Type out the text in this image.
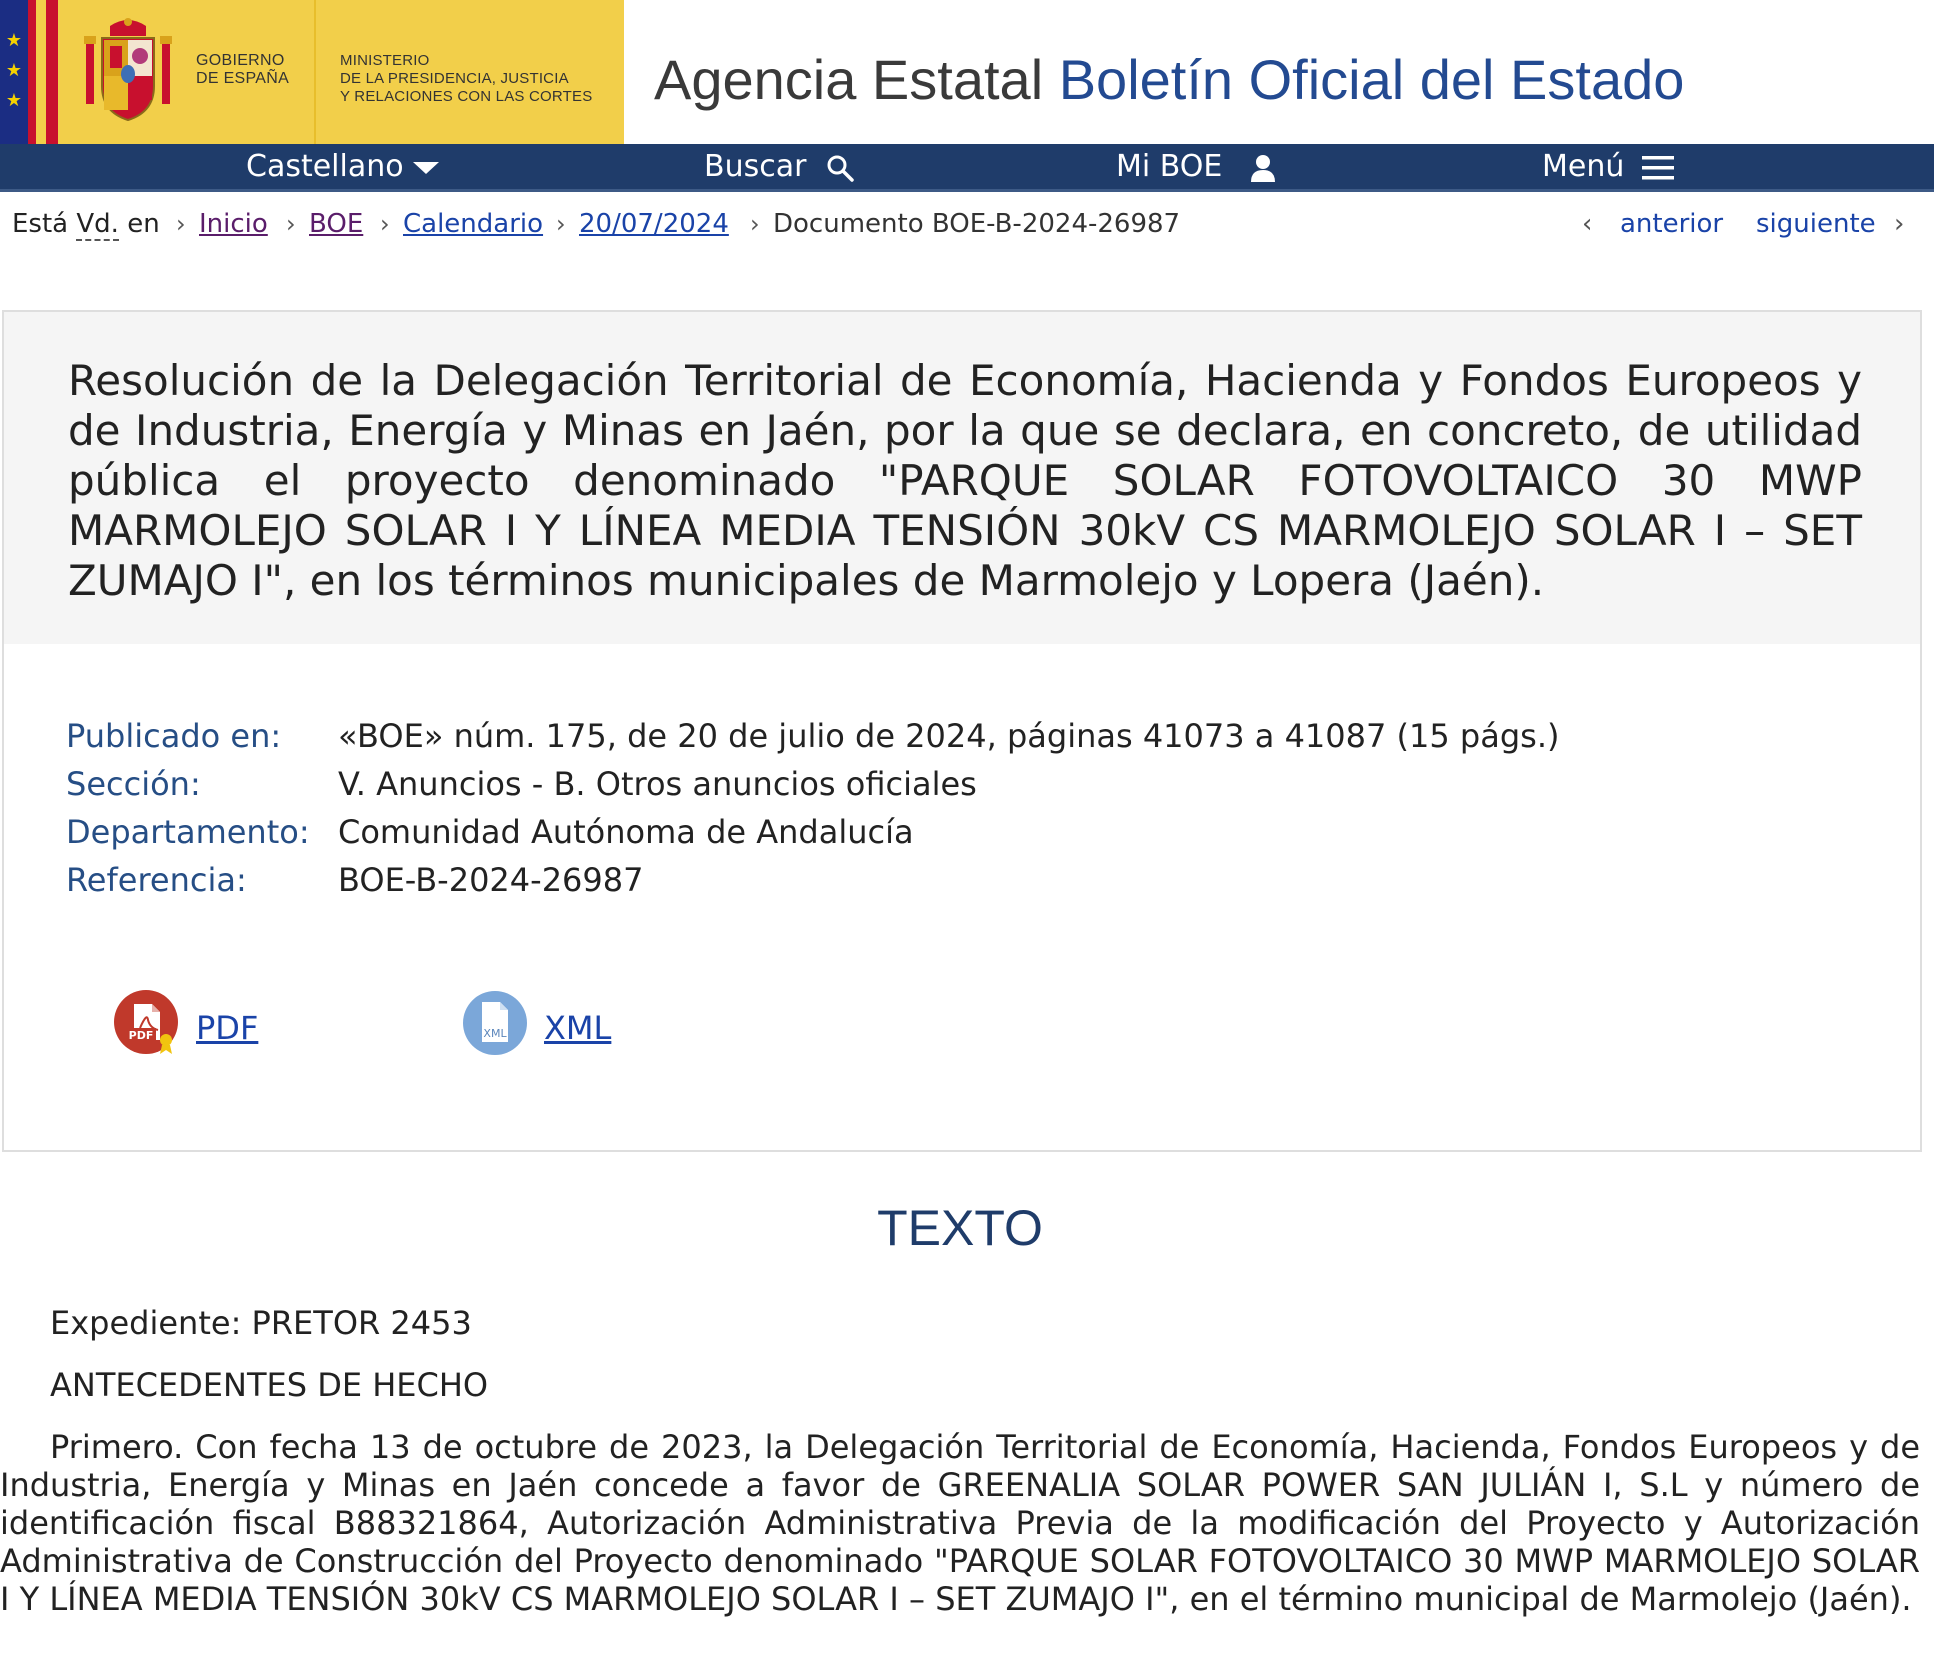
★
★
★
GOBIERNO
DE ESPAÑA
MINISTERIO
DE LA PRESIDENCIA, JUSTICIA
Y RELACIONES CON LAS CORTES Agencia Estatal Boletín Oficial del Estado
Castellano	Buscar	Mi BOE	Menú
Está Vd. en › Inicio › BOE › Calendario › 20/07/2024 › Documento BOE-B-2024-26987	‹ anterior siguiente ›
Resolución de la Delegación Territorial de Economía, Hacienda y Fondos Europeos y de Industria, Energía y Minas en Jaén, por la que se declara, en concreto, de utilidad pública el proyecto denominado "PARQUE SOLAR FOTOVOLTAICO 30 MWP MARMOLEJO SOLAR I Y LÍNEA MEDIA TENSIÓN 30kV CS MARMOLEJO SOLAR I – SET ZUMAJO I", en los términos municipales de Marmolejo y Lopera (Jaén).
Publicado en: «BOE» núm. 175, de 20 de julio de 2024, páginas 41073 a 41087 (15 págs.)
Sección:	V. Anuncios - B. Otros anuncios oficiales
Departamento: Comunidad Autónoma de Andalucía
Referencia:	BOE-B-2024-26987
PDF PDF	XML XML
TEXTO
Expediente: PRETOR 2453
ANTECEDENTES DE HECHO
Primero. Con fecha 13 de octubre de 2023, la Delegación Territorial de Economía, Hacienda, Fondos Europeos y de Industria, Energía y Minas en Jaén concede a favor de GREENALIA SOLAR POWER SAN JULIÁN I, S.L y número de identificación fiscal B88321864, Autorización Administrativa Previa de la modificación del Proyecto y Autorización Administrativa de Construcción del Proyecto denominado "PARQUE SOLAR FOTOVOLTAICO 30 MWP MARMOLEJO SOLAR I Y LÍNEA MEDIA TENSIÓN 30kV CS MARMOLEJO SOLAR I – SET ZUMAJO I", en el término municipal de Marmolejo (Jaén).
